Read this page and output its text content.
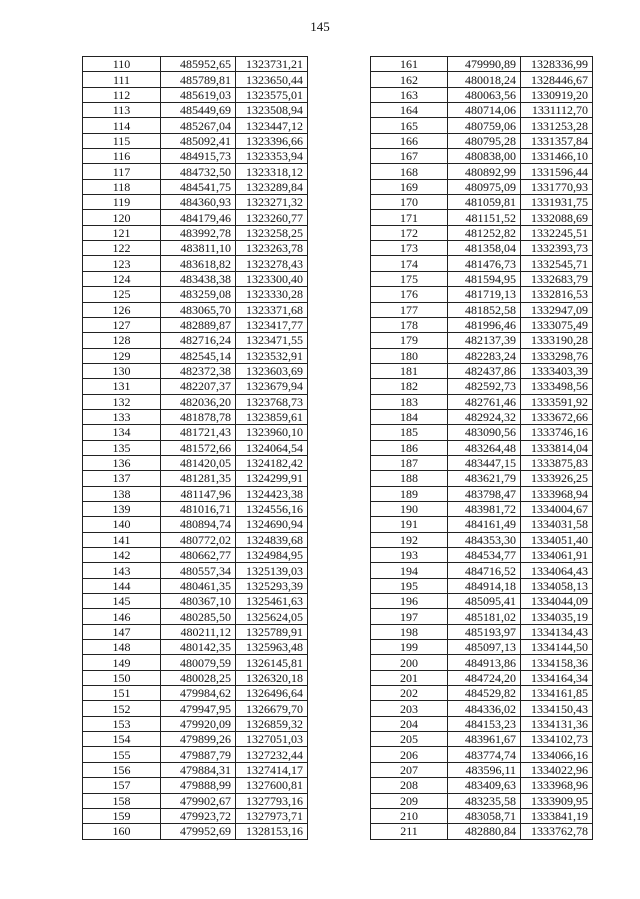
145
110	485952,65	1323731,21
111	485789,81	1323650,44
112	485619,03	1323575,01
113	485449,69	1323508,94
114	485267,04	1323447,12
115	485092,41	1323396,66
116	484915,73	1323353,94
117	484732,50	1323318,12
118	484541,75	1323289,84
119	484360,93	1323271,32
120	484179,46	1323260,77
121	483992,78	1323258,25
122	483811,10	1323263,78
123	483618,82	1323278,43
124	483438,38	1323300,40
125	483259,08	1323330,28
126	483065,70	1323371,68
127	482889,87	1323417,77
128	482716,24	1323471,55
129	482545,14	1323532,91
130	482372,38	1323603,69
131	482207,37	1323679,94
132	482036,20	1323768,73
133	481878,78	1323859,61
134	481721,43	1323960,10
135	481572,66	1324064,54
136	481420,05	1324182,42
137	481281,35	1324299,91
138	481147,96	1324423,38
139	481016,71	1324556,16
140	480894,74	1324690,94
141	480772,02	1324839,68
142	480662,77	1324984,95
143	480557,34	1325139,03
144	480461,35	1325293,39
145	480367,10	1325461,63
146	480285,50	1325624,05
147	480211,12	1325789,91
148	480142,35	1325963,48
149	480079,59	1326145,81
150	480028,25	1326320,18
151	479984,62	1326496,64
152	479947,95	1326679,70
153	479920,09	1326859,32
154	479899,26	1327051,03
155	479887,79	1327232,44
156	479884,31	1327414,17
157	479888,99	1327600,81
158	479902,67	1327793,16
159	479923,72	1327973,71
160	479952,69	1328153,16
161	479990,89	1328336,99
162	480018,24	1328446,67
163	480063,56	1330919,20
164	480714,06	1331112,70
165	480759,06	1331253,28
166	480795,28	1331357,84
167	480838,00	1331466,10
168	480892,99	1331596,44
169	480975,09	1331770,93
170	481059,81	1331931,75
171	481151,52	1332088,69
172	481252,82	1332245,51
173	481358,04	1332393,73
174	481476,73	1332545,71
175	481594,95	1332683,79
176	481719,13	1332816,53
177	481852,58	1332947,09
178	481996,46	1333075,49
179	482137,39	1333190,28
180	482283,24	1333298,76
181	482437,86	1333403,39
182	482592,73	1333498,56
183	482761,46	1333591,92
184	482924,32	1333672,66
185	483090,56	1333746,16
186	483264,48	1333814,04
187	483447,15	1333875,83
188	483621,79	1333926,25
189	483798,47	1333968,94
190	483981,72	1334004,67
191	484161,49	1334031,58
192	484353,30	1334051,40
193	484534,77	1334061,91
194	484716,52	1334064,43
195	484914,18	1334058,13
196	485095,41	1334044,09
197	485181,02	1334035,19
198	485193,97	1334134,43
199	485097,13	1334144,50
200	484913,86	1334158,36
201	484724,20	1334164,34
202	484529,82	1334161,85
203	484336,02	1334150,43
204	484153,23	1334131,36
205	483961,67	1334102,73
206	483774,74	1334066,16
207	483596,11	1334022,96
208	483409,63	1333968,96
209	483235,58	1333909,95
210	483058,71	1333841,19
211	482880,84	1333762,78
